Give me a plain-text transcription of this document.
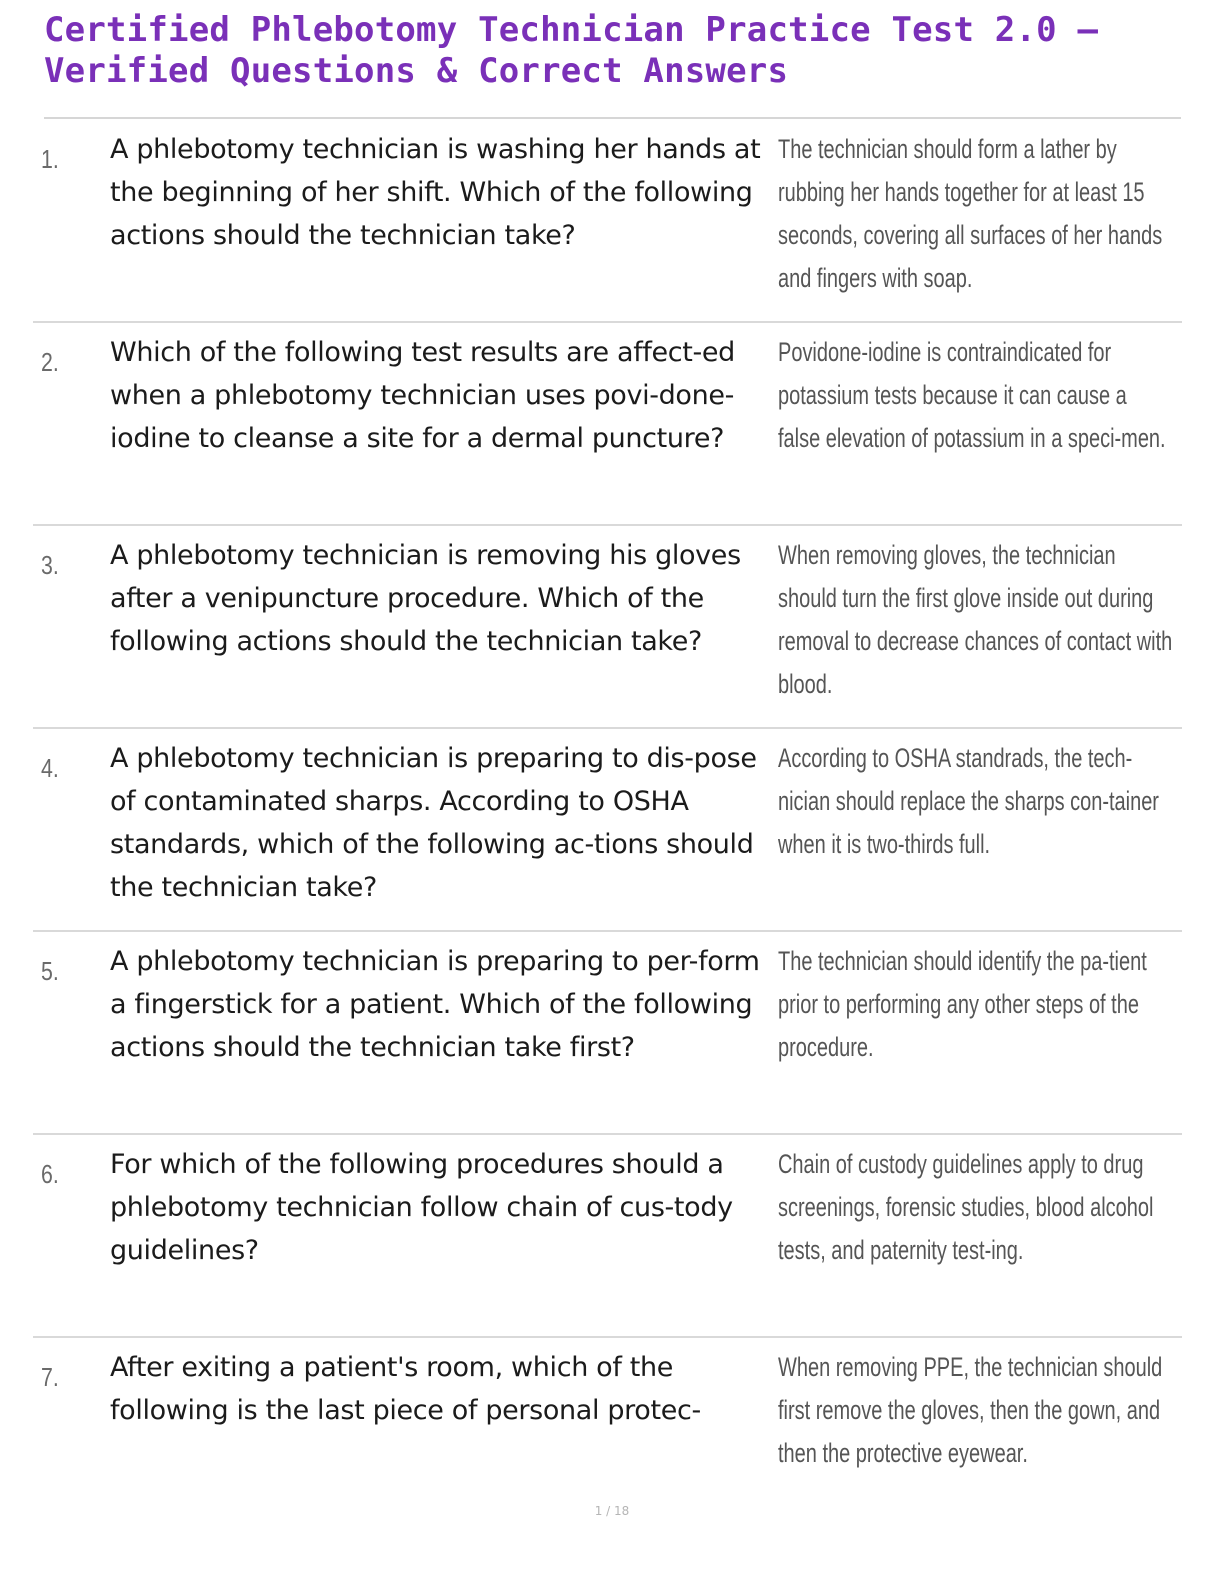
Certified Phlebotomy Technician Practice Test 2.0 – Verified Questions & Correct Answers
1. A phlebotomy technician is washing her hands at the beginning of her shift. Which of the following actions should the technician take?
The technician should form a lather by rubbing her hands together for at least 15 seconds, covering all surfaces of her hands and fingers with soap.
2. Which of the following test results are affect-ed when a phlebotomy technician uses povi-done-iodine to cleanse a site for a dermal puncture?
Povidone-iodine is contraindicated for potassium tests because it can cause a false elevation of potassium in a speci-men.
3. A phlebotomy technician is removing his gloves after a venipuncture procedure. Which of the following actions should the technician take?
When removing gloves, the technician should turn the first glove inside out during removal to decrease chances of contact with blood.
4. A phlebotomy technician is preparing to dis-pose of contaminated sharps. According to OSHA standards, which of the following ac-tions should the technician take?
According to OSHA standrads, the tech-nician should replace the sharps con-tainer when it is two-thirds full.
5. A phlebotomy technician is preparing to per-form a fingerstick for a patient. Which of the following actions should the technician take first?
The technician should identify the pa-tient prior to performing any other steps of the procedure.
6. For which of the following procedures should a phlebotomy technician follow chain of cus-tody guidelines?
Chain of custody guidelines apply to drug screenings, forensic studies, blood alcohol tests, and paternity test-ing.
7. After exiting a patient's room, which of the following is the last piece of personal protec-
When removing PPE, the technician should first remove the gloves, then the gown, and then the protective eyewear.
1 / 18
